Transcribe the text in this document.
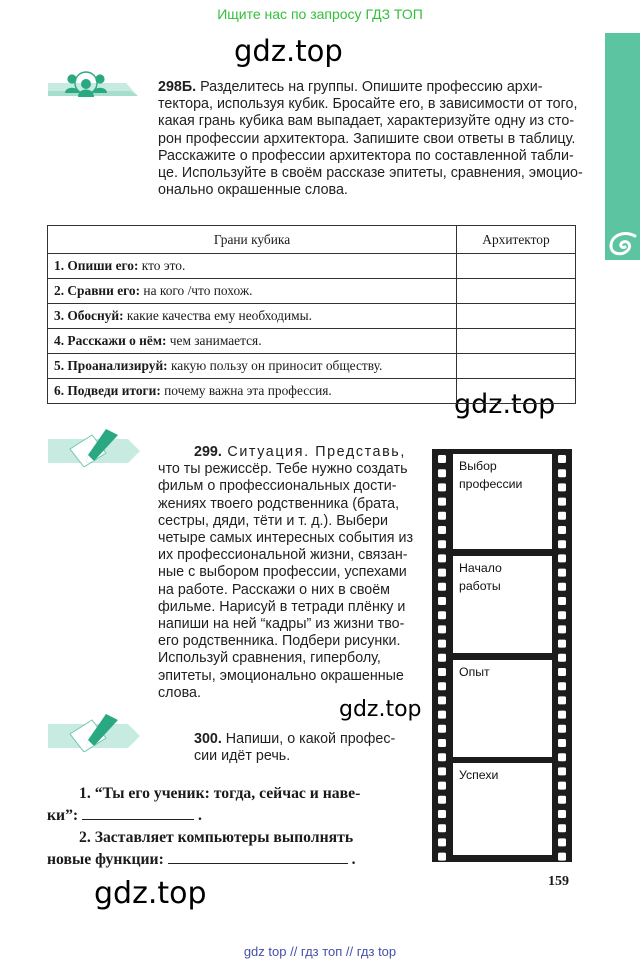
Ищите нас по запросу ГДЗ ТОП
gdz.top
gdz.top
gdz.top
gdz.top
298Б. Разделитесь на группы. Опишите профессию архи-
тектора, используя кубик. Бросайте его, в зависимости от того,
какая грань кубика вам выпадает, характеризуйте одну из сто-
рон профессии архитектора. Запишите свои ответы в таблицу.
Расскажите о профессии архитектора по составленной табли-
це. Используйте в своём рассказе эпитеты, сравнения, эмоцио-
онально окрашенные слова.
Грани кубика	Архитектор
1. Опиши его: кто это.	
2. Сравни его: на кого /что похож.	
3. Обоснуй: какие качества ему необходимы.	
4. Расскажи о нём: чем занимается.	
5. Проанализируй: какую пользу он приносит обществу.	
6. Подведи итоги: почему важна эта профессия.	
299. Ситуация. Представь,
что ты режиссёр. Тебе нужно создать
фильм о профессиональных дости-
жениях твоего родственника (брата,
сестры, дяди, тёти и т. д.). Выбери
четыре самых интересных события из
их профессиональной жизни, связан-
ные с выбором профессии, успехами
на работе. Расскажи о них в своём
фильме. Нарисуй в тетради плёнку и
напиши на ней “кадры” из жизни тво-
его родственника. Подбери рисунки.
Используй сравнения, гиперболу,
эпитеты, эмоционально окрашенные
слова.
Выбор
профессии
Начало
работы
Опыт
Успехи
300. Напиши, о какой профес-
сии идёт речь.
1. “Ты его ученик: тогда, сейчас и наве-
ки”:	.
2. Заставляет компьютеры выполнять
новые функции:	.
159
gdz top // гдз топ // гдз top
